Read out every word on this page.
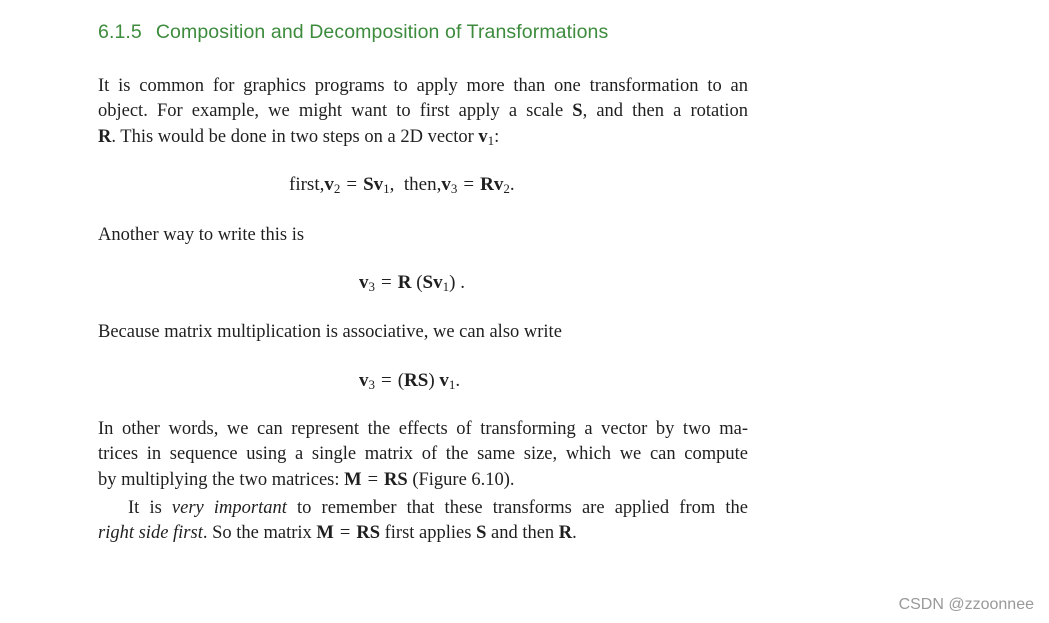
6.1.5 Composition and Decomposition of Transformations
It is common for graphics programs to apply more than one transformation to an
object. For example, we might want to first apply a scale S, and then a rotation
R. This would be done in two steps on a 2D vector $v_1$:
$first,v_2 = Sv_1$, $then,v_3 = Rv_2$.
Another way to write this is
$v_3 = R$ $(Sv_1)$ .
Because matrix multiplication is associative, we can also write
$v_3 = (RS)$ $v_1$.
In other words, we can represent the effects of transforming a vector by two ma-
trices in sequence using a single matrix of the same size, which we can compute
by multiplying the two matrices: M = RS (Figure 6.10).
It is very important to remember that these transforms are applied from the
right side first. So the matrix M = RS first applies S and then R.
CSDN @zzoonnee
